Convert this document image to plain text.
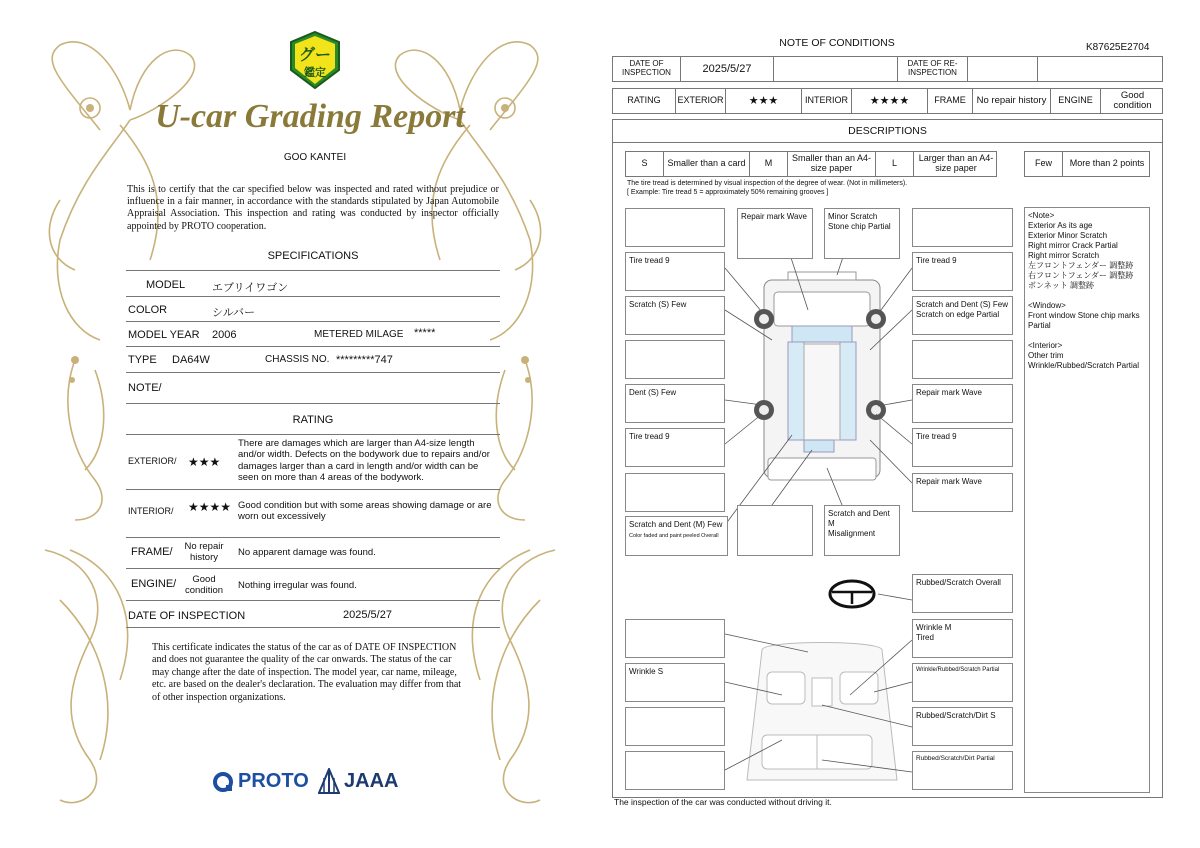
グー
鑑定
U-car Grading Report
GOO KANTEI
This is to certify that the car specified below was inspected and rated without prejudice or influence in a fair manner, in accordance with the standards stipulated by Japan Automobile Appraisal Association. This inspection and rating was conducted by inspector officially appointed by PROTO cooperation.
SPECIFICATIONS
MODEL エブリイワゴン
COLOR	シルバー
MODEL YEAR 2006	METERED MILAGE *****
TYPE DA64W	CHASSIS NO. *********747
NOTE/
RATING
EXTERIOR/ ★★★
There are damages which are larger than A4-size length and/or width. Defects on the bodywork due to repairs and/or damages larger than a card in length and/or width can be seen on more than 4 areas of the bodywork.
INTERIOR/ ★★★★ Good condition but with some areas showing damage or are worn out excessively
FRAME/	No repair history	No apparent damage was found.
ENGINE/	Good condition	Nothing irregular was found.
DATE OF INSPECTION	2025/5/27
This certificate indicates the status of the car as of DATE OF INSPECTION and does not guarantee the quality of the car onwards. The status of the car may change after the date of inspection. The model year, car name, mileage, etc. are based on the dealer's declaration. The evaluation may differ from that of other inspection organizations.
PROTO JAAA
NOTE OF CONDITIONS	K87625E2704
DATE OF INSPECTION	2025/5/27	DATE OF RE-INSPECTION
RATING	EXTERIOR	★★★	INTERIOR	★★★★	FRAME	No repair history	ENGINE	Good condition
DESCRIPTIONS
S	Smaller than a card	M	Smaller than an A4-size paper	L	Larger than an A4-size paper	Few	More than 2 points
The tire tread is determined by visual inspection of the degree of wear. (Not in millimeters).
[ Example: Tire tread 5 = approximately 50% remaining grooves ]
<Note>
Exterior As its age
Exterior Minor Scratch
Right mirror Crack Partial
Right mirror Scratch
左フロントフェンダー 調整跡
右フロントフェンダー 調整跡
ボンネット 調整跡

<Window>
Front window Stone chip marks Partial

<Interior>
Other trim
Wrinkle/Rubbed/Scratch Partial
Tire tread 9
Scratch (S) Few
Dent (S) Few
Tire tread 9
Scratch and Dent (M) Few
Color faded and paint peeled Overall
Scratch and Dent M
Misalignment
Repair mark Wave	Minor Scratch
Stone chip Partial
Tire tread 9
Scratch and Dent (S) Few
Scratch on edge Partial
Repair mark Wave
Tire tread 9
Repair mark Wave
Rubbed/Scratch Overall
Wrinkle M
Tired
Wrinkle S	Wrinkle/Rubbed/Scratch Partial
Rubbed/Scratch/Dirt S
Rubbed/Scratch/Dirt Partial
The inspection of the car was conducted without driving it.
